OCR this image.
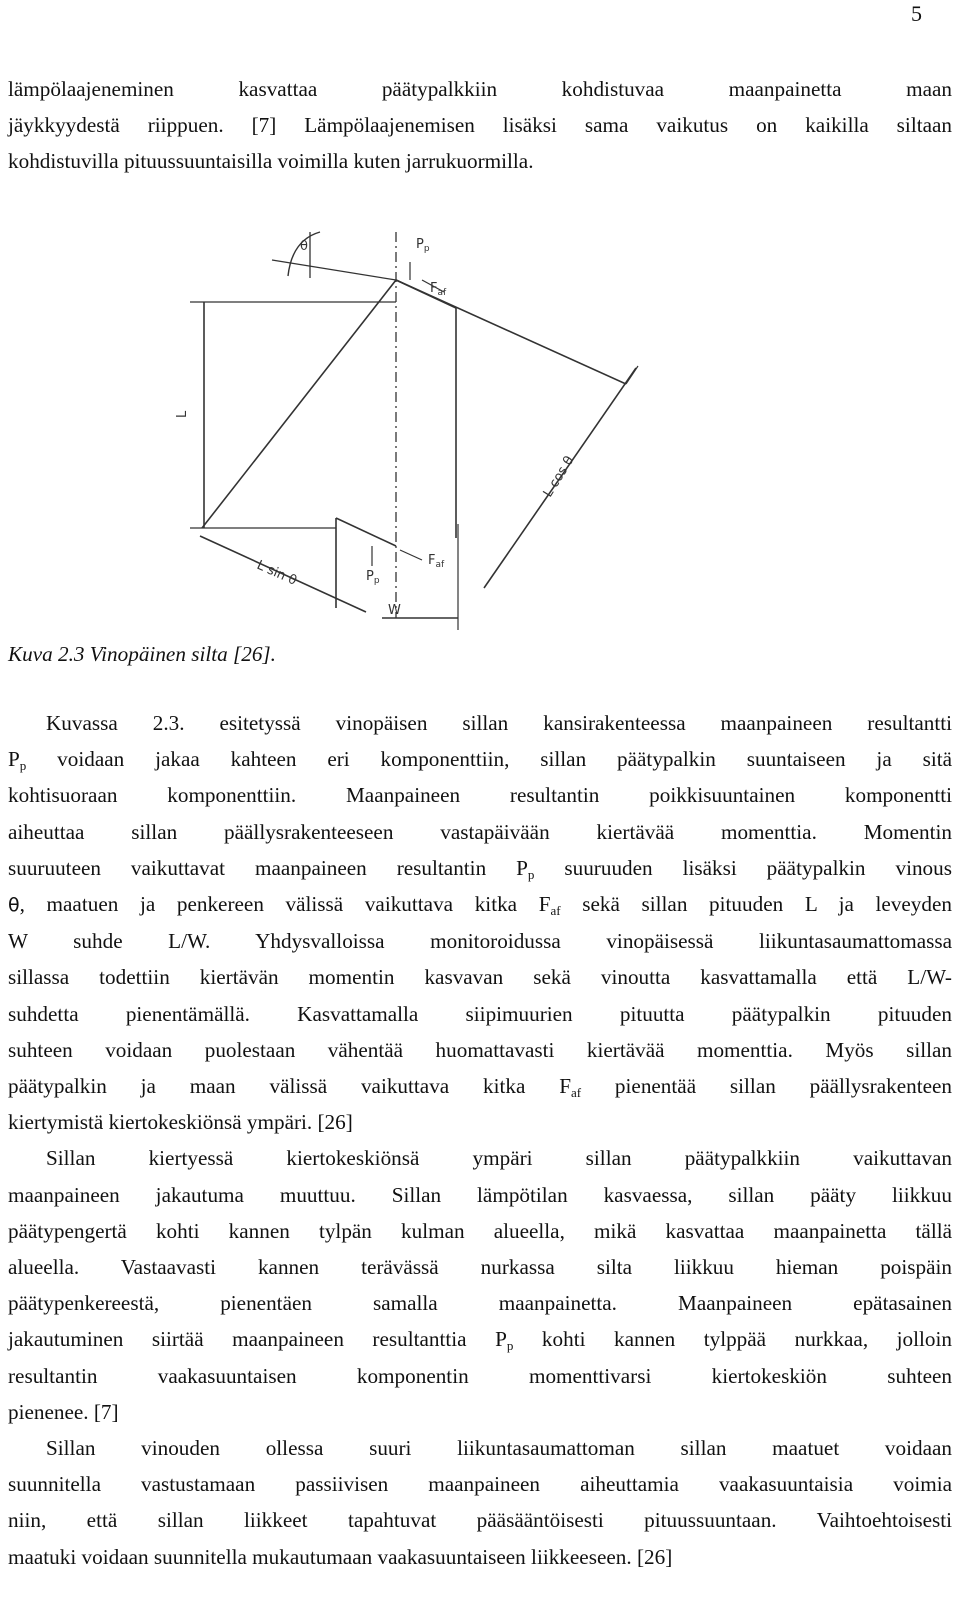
5

lämpölaajeneminen kasvattaa päätypalkkiin kohdistuvaa maanpainetta maan

jäykkyydestä riippuen. [7] Lämpölaajenemisen lisäksi sama vaikutus on kaikilla siltaan

kohdistuvilla pituussuuntaisilla voimilla kuten jarrukuormilla.

θ	$P_p$
$F_{af}$
L
L cos θ
L sin θ	$P_p$
$F_{af}$
W
Kuva 2.3 Vinopäinen silta [26].

Kuvassa 2.3. esitetyssä vinopäisen sillan kansirakenteessa maanpaineen resultantti

$P_p$ voidaan jakaa kahteen eri komponenttiin, sillan päätypalkin suuntaiseen ja sitä

kohtisuoraan komponenttiin. Maanpaineen resultantin poikkisuuntainen komponentti

aiheuttaa sillan päällysrakenteeseen vastapäivään kiertävää momenttia. Momentin

suuruuteen vaikuttavat maanpaineen resultantin $P_p$ suuruuden lisäksi päätypalkin vinous

θ, maatuen ja penkereen välissä vaikuttava kitka $F_{af}$ sekä sillan pituuden L ja leveyden

W suhde L/W. Yhdysvalloissa monitoroidussa vinopäisessä liikuntasaumattomassa

sillassa todettiin kiertävän momentin kasvavan sekä vinoutta kasvattamalla että L/W-

suhdetta pienentämällä. Kasvattamalla siipimuurien pituutta päätypalkin pituuden

suhteen voidaan puolestaan vähentää huomattavasti kiertävää momenttia. Myös sillan

päätypalkin ja maan välissä vaikuttava kitka $F_{af}$ pienentää sillan päällysrakenteen

kiertymistä kiertokeskiönsä ympäri. [26]

Sillan kiertyessä kiertokeskiönsä ympäri sillan päätypalkkiin vaikuttavan

maanpaineen jakautuma muuttuu. Sillan lämpötilan kasvaessa, sillan pääty liikkuu

päätypengertä kohti kannen tylpän kulman alueella, mikä kasvattaa maanpainetta tällä

alueella. Vastaavasti kannen terävässä nurkassa silta liikkuu hieman poispäin

päätypenkereestä, pienentäen samalla maanpainetta. Maanpaineen epätasainen

jakautuminen siirtää maanpaineen resultanttia $P_p$ kohti kannen tylppää nurkkaa, jolloin

resultantin vaakasuuntaisen komponentin momenttivarsi kiertokeskiön suhteen

pienenee. [7]

Sillan vinouden ollessa suuri liikuntasaumattoman sillan maatuet voidaan

suunnitella vastustamaan passiivisen maanpaineen aiheuttamia vaakasuuntaisia voimia

niin, että sillan liikkeet tapahtuvat pääsääntöisesti pituussuuntaan. Vaihtoehtoisesti

maatuki voidaan suunnitella mukautumaan vaakasuuntaiseen liikkeeseen. [26]
